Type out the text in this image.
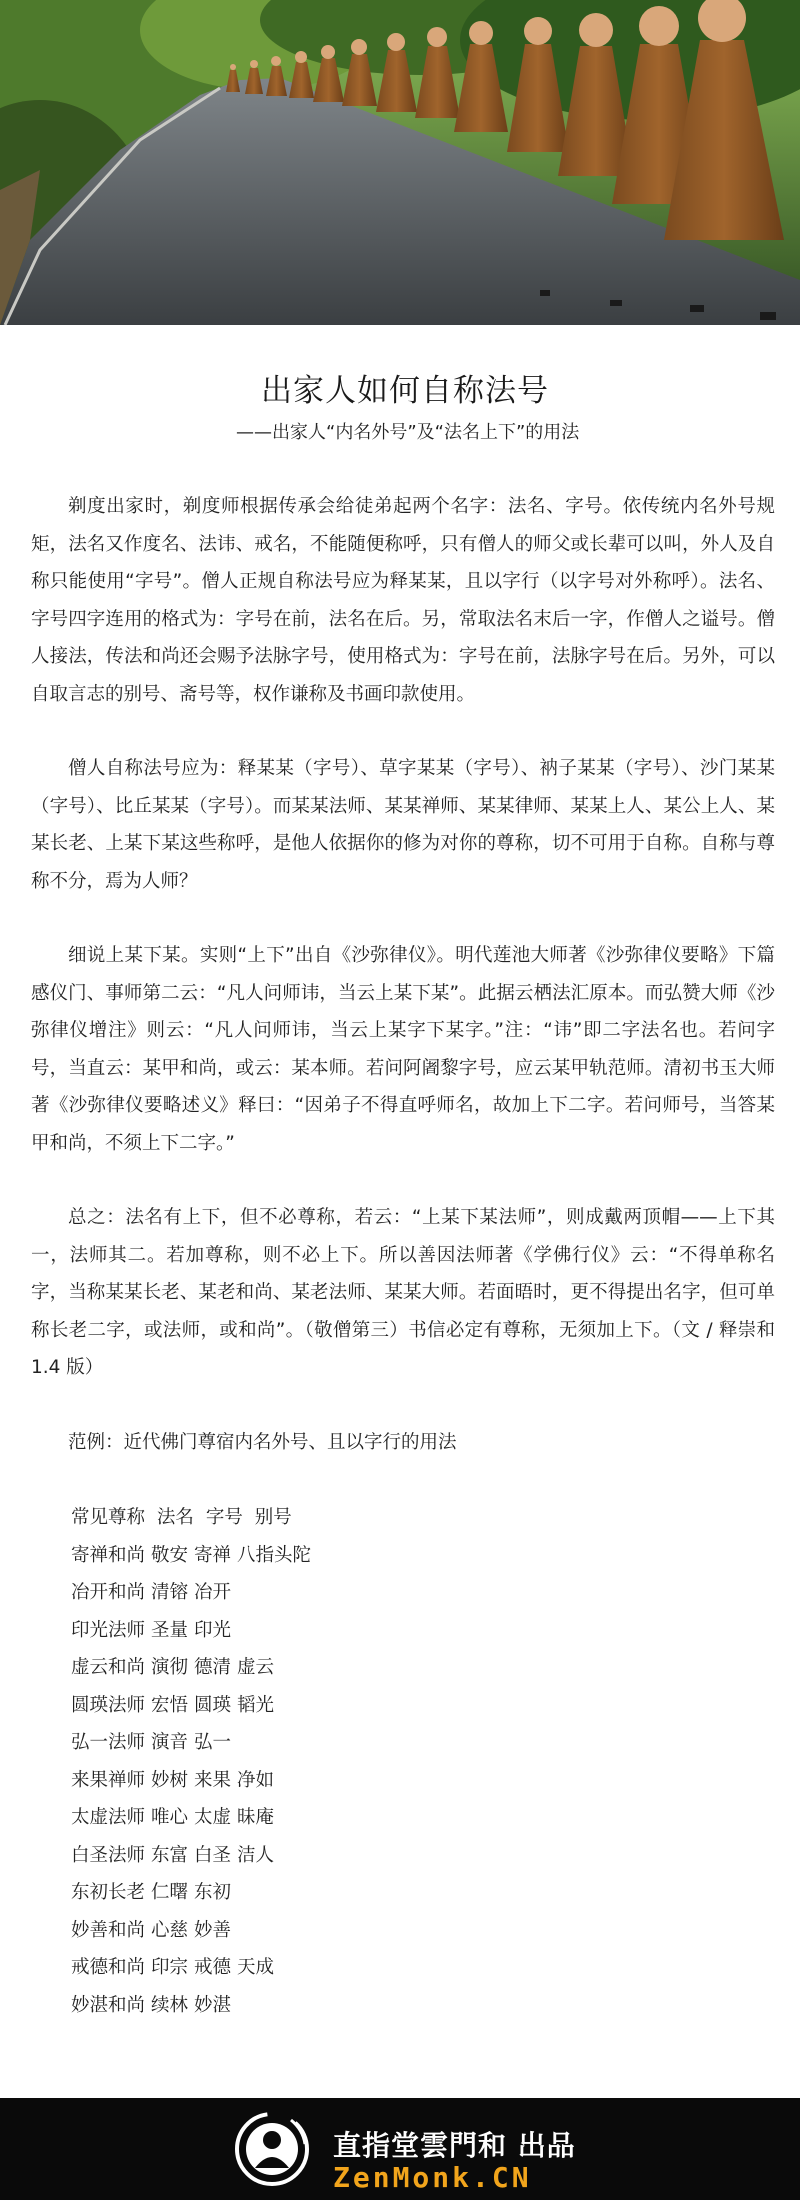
出家人如何自称法号
——出家人“内名外号”及“法名上下”的用法

剃度出家时，剃度师根据传承会给徒弟起两个名字：法名、字号。依传统内名外号规矩，法名又作度名、法讳、戒名，不能随便称呼，只有僧人的师父或长辈可以叫，外人及自称只能使用“字号”。僧人正规自称法号应为释某某，且以字行（以字号对外称呼）。法名、字号四字连用的格式为：字号在前，法名在后。另，常取法名末后一字，作僧人之谥号。僧人接法，传法和尚还会赐予法脉字号，使用格式为：字号在前，法脉字号在后。另外，可以自取言志的别号、斋号等，权作谦称及书画印款使用。

僧人自称法号应为：释某某（字号）、草字某某（字号）、衲子某某（字号）、沙门某某（字号）、比丘某某（字号）。而某某法师、某某禅师、某某律师、某某上人、某公上人、某某长老、上某下某这些称呼，是他人依据你的修为对你的尊称，切不可用于自称。自称与尊称不分，焉为人师？

细说上某下某。实则“上下”出自《沙弥律仪》。明代莲池大师著《沙弥律仪要略》下篇感仪门、事师第二云：“凡人问师讳，当云上某下某”。此据云栖法汇原本。而弘赞大师《沙弥律仪增注》则云：“凡人问师讳，当云上某字下某字。”注：“讳”即二字法名也。若问字号，当直云：某甲和尚，或云：某本师。若问阿阇黎字号，应云某甲轨范师。清初书玉大师著《沙弥律仪要略述义》释曰：“因弟子不得直呼师名，故加上下二字。若问师号，当答某甲和尚，不须上下二字。”

总之：法名有上下，但不必尊称，若云：“上某下某法师”，则成戴两顶帽——上下其一，法师其二。若加尊称，则不必上下。所以善因法师著《学佛行仪》云：“不得单称名字，当称某某长老、某老和尚、某老法师、某某大师。若面晤时，更不得提出名字，但可单称长老二字，或法师，或和尚”。（敬僧第三）书信必定有尊称，无须加上下。（文 / 释崇和 1.4 版）

范例：近代佛门尊宿内名外号、且以字行的用法
常见尊称 法名 字号 别号
寄禅和尚 敬安 寄禅 八指头陀
冶开和尚 清镕 冶开
印光法师 圣量 印光
虚云和尚 演彻 德清 虚云
圆瑛法师 宏悟 圆瑛 韬光
弘一法师 演音 弘一
来果禅师 妙树 来果 净如
太虚法师 唯心 太虚 昧庵
白圣法师 东富 白圣 洁人
东初长老 仁曙 东初
妙善和尚 心慈 妙善
戒德和尚 印宗 戒德 天成
妙湛和尚 续林 妙湛
直指堂雲門和 出品
ZenMonk.CN
